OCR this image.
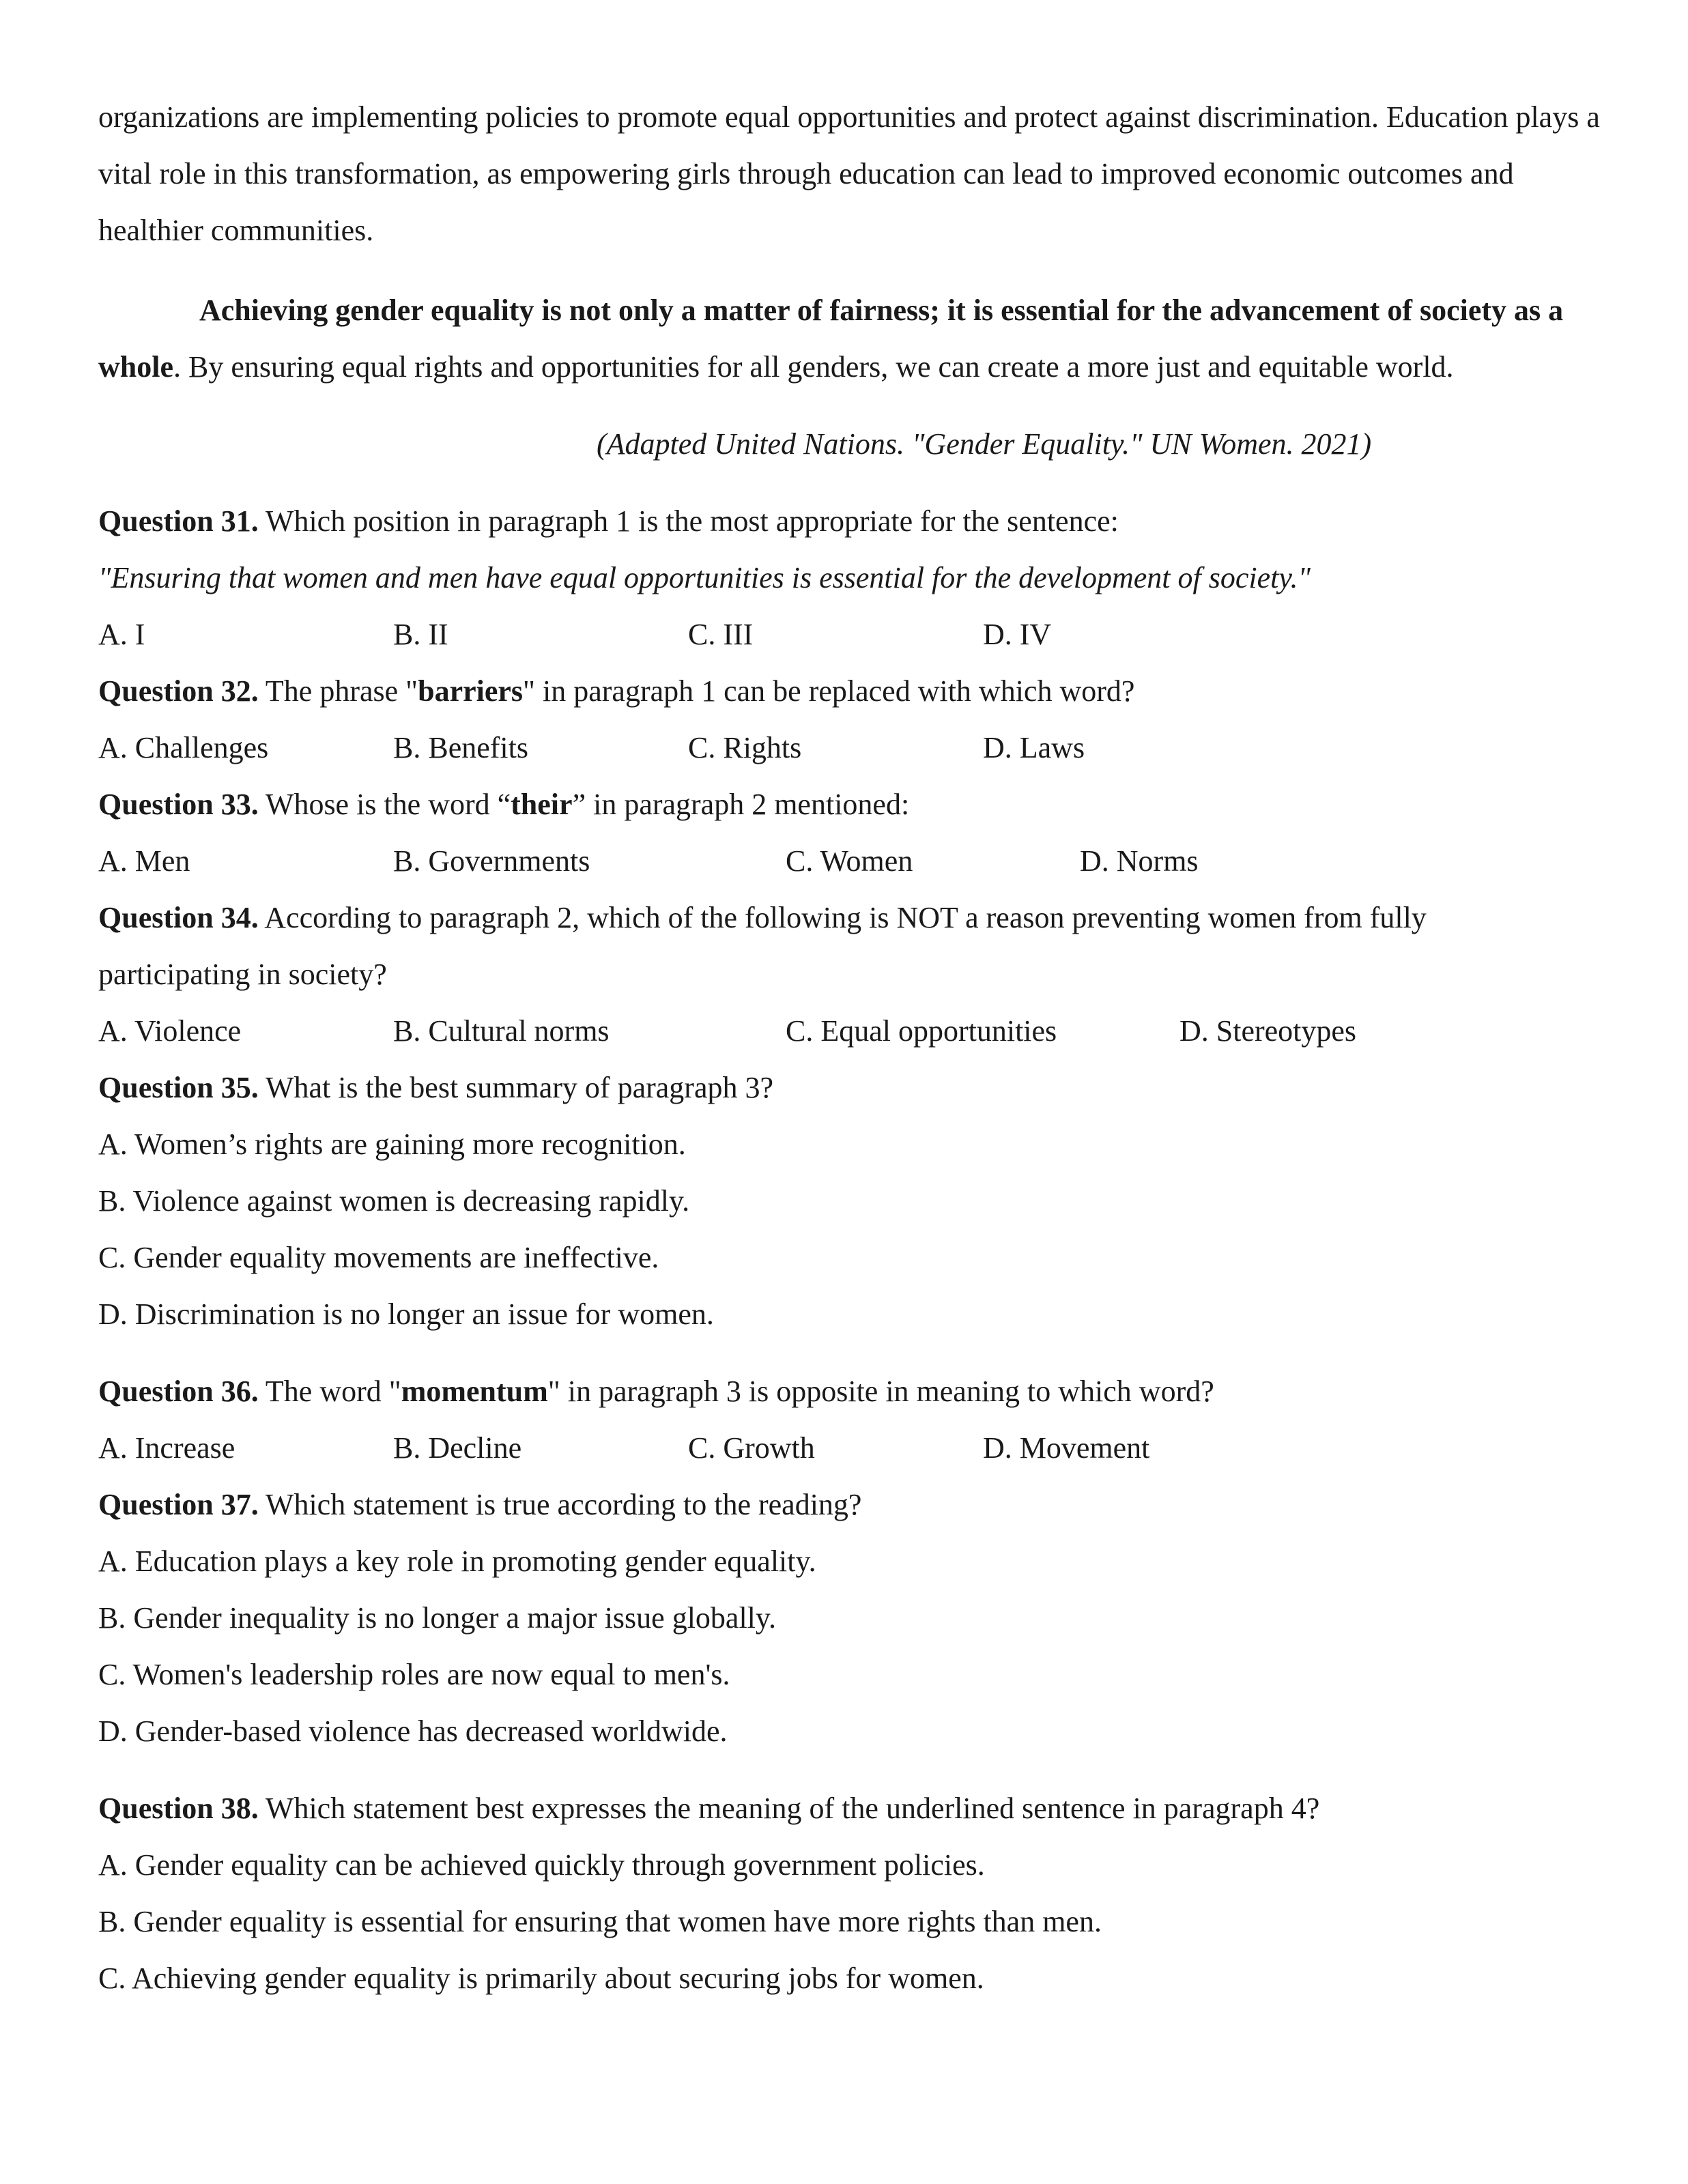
organizations are implementing policies to promote equal opportunities and protect against discrimination. Education plays a vital role in this transformation, as empowering girls through education can lead to improved economic outcomes and healthier communities.

Achieving gender equality is not only a matter of fairness; it is essential for the advancement of society as a whole. By ensuring equal rights and opportunities for all genders, we can create a more just and equitable world.

(Adapted United Nations. "Gender Equality." UN Women. 2021)

Question 31. Which position in paragraph 1 is the most appropriate for the sentence:

"Ensuring that women and men have equal opportunities is essential for the development of society."

A. I	B. II	C. III	D. IV

Question 32. The phrase "barriers" in paragraph 1 can be replaced with which word?

A. Challenges	B. Benefits	C. Rights	D. Laws

Question 33. Whose is the word “their” in paragraph 2 mentioned:

A. Men	B. Governments	C. Women	D. Norms

Question 34. According to paragraph 2, which of the following is NOT a reason preventing women from fully

participating in society?

A. Violence	B. Cultural norms	C. Equal opportunities	D. Stereotypes

Question 35. What is the best summary of paragraph 3?

A. Women’s rights are gaining more recognition.

B. Violence against women is decreasing rapidly.

C. Gender equality movements are ineffective.

D. Discrimination is no longer an issue for women.

Question 36. The word "momentum" in paragraph 3 is opposite in meaning to which word?

A. Increase	B. Decline	C. Growth	D. Movement

Question 37. Which statement is true according to the reading?

A. Education plays a key role in promoting gender equality.

B. Gender inequality is no longer a major issue globally.

C. Women's leadership roles are now equal to men's.

D. Gender-based violence has decreased worldwide.

Question 38. Which statement best expresses the meaning of the underlined sentence in paragraph 4?

A. Gender equality can be achieved quickly through government policies.

B. Gender equality is essential for ensuring that women have more rights than men.

C. Achieving gender equality is primarily about securing jobs for women.
